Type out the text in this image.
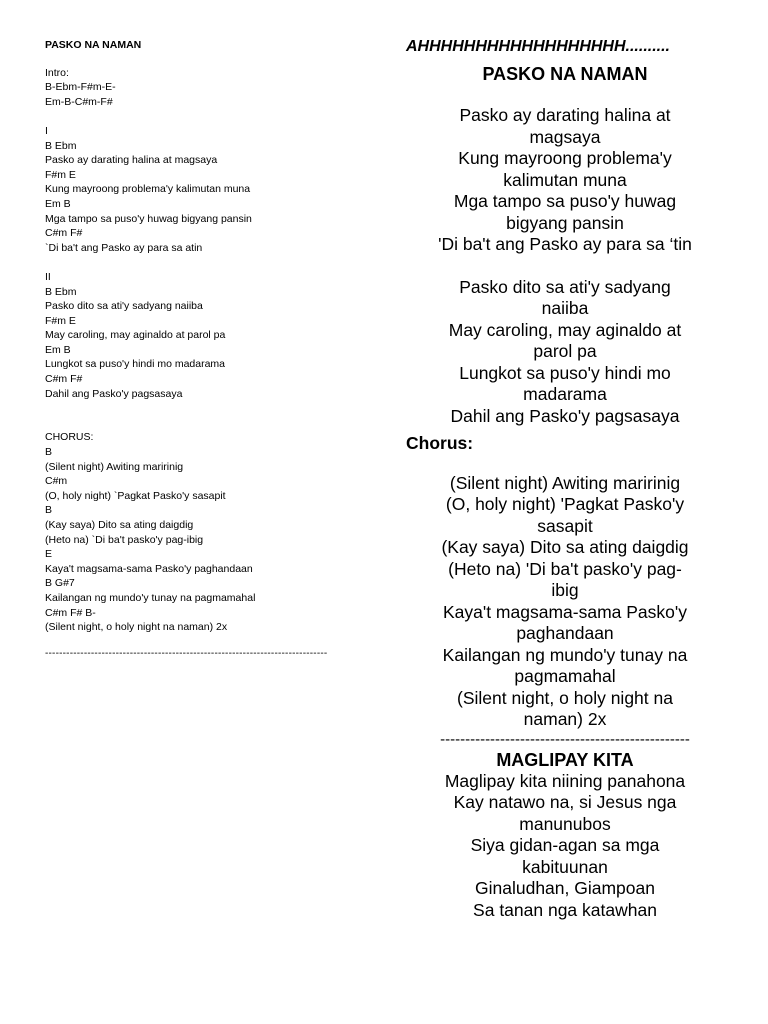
PASKO NA NAMAN
Intro:
B-Ebm-F#m-E-
Em-B-C#m-F#
I
B Ebm
Pasko ay darating halina at magsaya
F#m E
Kung mayroong problema'y kalimutan muna
Em B
Mga tampo sa puso'y huwag bigyang pansin
C#m F#
`Di ba't ang Pasko ay para sa atin
II
B Ebm
Pasko dito sa ati'y sadyang naiiba
F#m E
May caroling, may aginaldo at parol pa
Em B
Lungkot sa puso'y hindi mo madarama
C#m F#
Dahil ang Pasko'y pagsasaya
CHORUS:
B
(Silent night) Awiting maririnig
C#m
(O, holy night) `Pagkat Pasko'y sasapit
B
(Kay saya) Dito sa ating daigdig
(Heto na) `Di ba't pasko'y pag-ibig
E
Kaya't magsama-sama Pasko'y paghandaan
B G#7
Kailangan ng mundo'y tunay na pagmamahal
C#m F# B-
(Silent night, o holy night na naman) 2x
--------------------------------------------------------------------------------
AHHHHHHHHHHHHHHHHHH..........
PASKO NA NAMAN
Pasko ay darating halina at
magsaya
Kung mayroong problema'y
kalimutan muna
Mga tampo sa puso'y huwag
bigyang pansin
'Di ba't ang Pasko ay para sa ‘tin
Pasko dito sa ati'y sadyang
naiiba
May caroling, may aginaldo at
parol pa
Lungkot sa puso'y hindi mo
madarama
Dahil ang Pasko'y pagsasaya
Chorus:
(Silent night) Awiting maririnig
(O, holy night) 'Pagkat Pasko'y
sasapit
(Kay saya) Dito sa ating daigdig
(Heto na) 'Di ba't pasko'y pag-
ibig
Kaya't magsama-sama Pasko'y
paghandaan
Kailangan ng mundo'y tunay na
pagmamahal
(Silent night, o holy night na
naman) 2x
--------------------------------------------------
MAGLIPAY KITA
Maglipay kita niining panahona
Kay natawo na, si Jesus nga
manunubos
Siya gidan-agan sa mga
kabituunan
Ginaludhan, Giampoan
Sa tanan nga katawhan
